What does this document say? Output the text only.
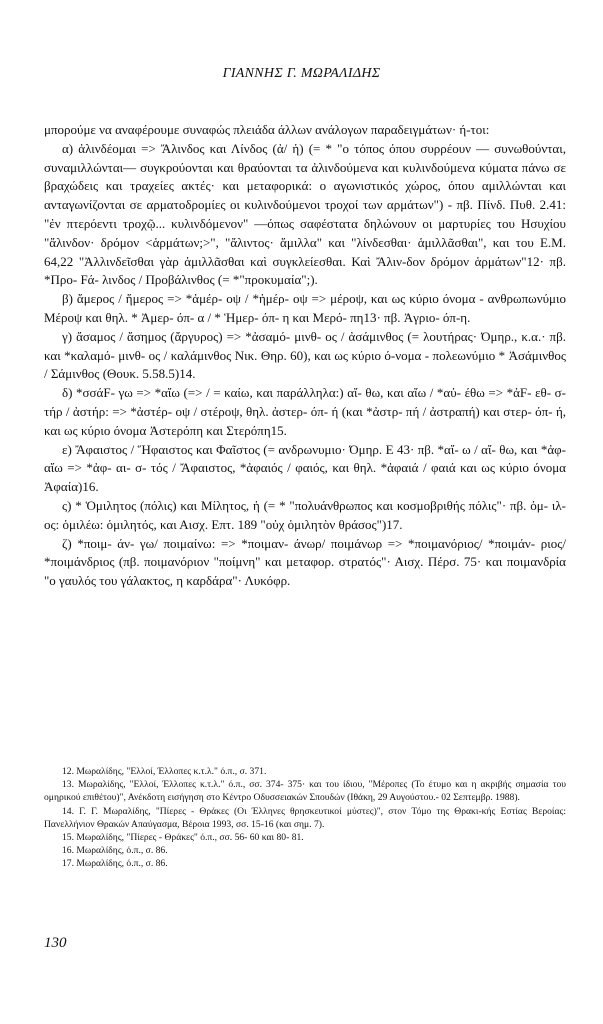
ΓΙΑΝΝΗΣ Γ. ΜΩΡΑΛΙΔΗΣ

μπορούμε να αναφέρουμε συναφώς πλειάδα άλλων ανάλογων παραδειγμάτων· ή-τοι:

α) ἀλινδέομαι => Ἄλινδος και Λίνδος (ἀ/ ἡ) (= * "ο τόπος όπου συρρέουν — συνωθούνται, συναμιλλώνται— συγκρούονται και θραύονται τα ἀλινδούμενα και κυλινδούμενα κύματα πάνω σε βραχώδεις και τραχείες ακτές· και μεταφορικά: ο αγωνιστικός χώρος, όπου αμιλλώνται και ανταγωνίζονται σε αρματοδρομίες οι κυλινδούμενοι τροχοί των αρμάτων") - πβ. Πίνδ. Πυθ. 2.41: "ἐν πτερόεντι τροχῷ... κυλινδόμενον" —όπως σαφέστατα δηλώνουν οι μαρτυρίες του Ησυχίου "ἄλινδον· δρόμον <ἁρμάτων;>", "ἄλιντος· ἅμιλλα" και "λίνδεσθαι· ἁμιλλᾶσθαι", και του Ε.Μ. 64,22 "Ἀλλινδεῖσθαι γὰρ ἁμιλλᾶσθαι καὶ συγκλείεσθαι. Καὶ Ἄλιν-δον δρόμον ἁρμάτων"12· πβ. *Προ- Fά- λινδος / Προβάλινθος (= *"προκυμαία";).

β) ἄμερος / ἥμερος => *ἀμέρ- οψ / *ἡμέρ- οψ => μέροψ, και ως κύριο όνομα - ανθρωπωνύμιο Μέροψ και θηλ. * Ἀμερ- όπ- α / * Ἡμερ- όπ- η και Μερό- πη13· πβ. Ἀγριο- όπ-η.

γ) ἄσαμος / ἄσημος (ἄργυρος) => *ἀσαμό- μινθ- ος / ἀσάμινθος (= λουτήρας· Όμηρ., κ.α.· πβ. και *καλαμό- μινθ- ος / καλάμινθος Νικ. Θηρ. 60), και ως κύριο ό-νομα - πολεωνύμιο * Ἀσάμινθος / Σάμινθος (Θουκ. 5.58.5)14.

δ) *σσάF- γω => *αἴω (=> / = καίω, και παράλληλα:) αἴ- θω, και αἴω / *αὐ- έθω => *ἀF- εθ- σ- τήρ / ἀστήρ: => *ἀστέρ- οψ / στέροψ, θηλ. ἀστερ- όπ- ή (και *ἀστρ- πή / ἀστραπή) και στερ- όπ- ή, και ως κύριο όνομα Ἀστερόπη και Στερόπη15.

ε) Ἄφαιστος / Ἥφαιστος και Φαῖστος (= ανδρωνυμιο· Όμηρ. Ε 43· πβ. *αἴ- ω / αἴ- θω, και *ἀφ- αἴω => *ἀφ- αι- σ- τός / Ἄφαιστος, *ἀφαιός / φαιός, και θηλ. *ἀφαιά / φαιά και ως κύριο όνομα Ἀφαία)16.

ς) * Ὁμιλητος (πόλις) και Μίλητος, ἡ (= * "πολυάνθρωπος και κοσμοβριθής πόλις"· πβ. ὁμ- ιλ- ος: ὁμιλέω: ὁμιλητός, και Αισχ. Επτ. 189 "οὐχ ὁμιλητὸν θράσος")17.

ζ) *ποιμ- άν- γω/ ποιμαίνω: => *ποιμαν- άνωρ/ ποιμάνωρ => *ποιμανόριος/ *ποιμάν- ριος/ *ποιμάνδριος (πβ. ποιμανόριον "ποίμνη" και μεταφορ. στρατός"· Αισχ. Πέρσ. 75· και ποιμανδρία "ο γαυλός του γάλακτος, η καρδάρα"· Λυκόφρ.

12. Μωραλίδης, "Ελλοί, Έλλοπες κ.τ.λ." ό.π., σ. 371.

13. Μωραλίδης, "Ελλοί, Έλλοπες κ.τ.λ." ό.π., σσ. 374- 375· και του ίδιου, "Μέροπες (Το έτυμο και η ακριβής σημασία του ομηρικού επιθέτου)", Ανέκδοτη εισήγηση στο Κέντρο Οδυσσειακών Σπουδών (Ιθάκη, 29 Αυγούστου.- 02 Σεπτεμβρ. 1988).

14. Γ. Γ. Μωραλίδης, "Πίερες - Θράκες (Οι Έλληνες θρησκευτικοί μύστες)", στον Τόμο της Θρακι-κής Εστίας Βεροίας: Πανελλήνιον Θρακών Απαύγασμα, Βέροια 1993, σσ. 15-16 (και σημ. 7).

15. Μωραλίδης, "Πίερες - Θράκες" ό.π., σσ. 56- 60 και 80- 81.

16. Μωραλίδης, ό.π., σ. 86.

17. Μωραλίδης, ό.π., σ. 86.

130
